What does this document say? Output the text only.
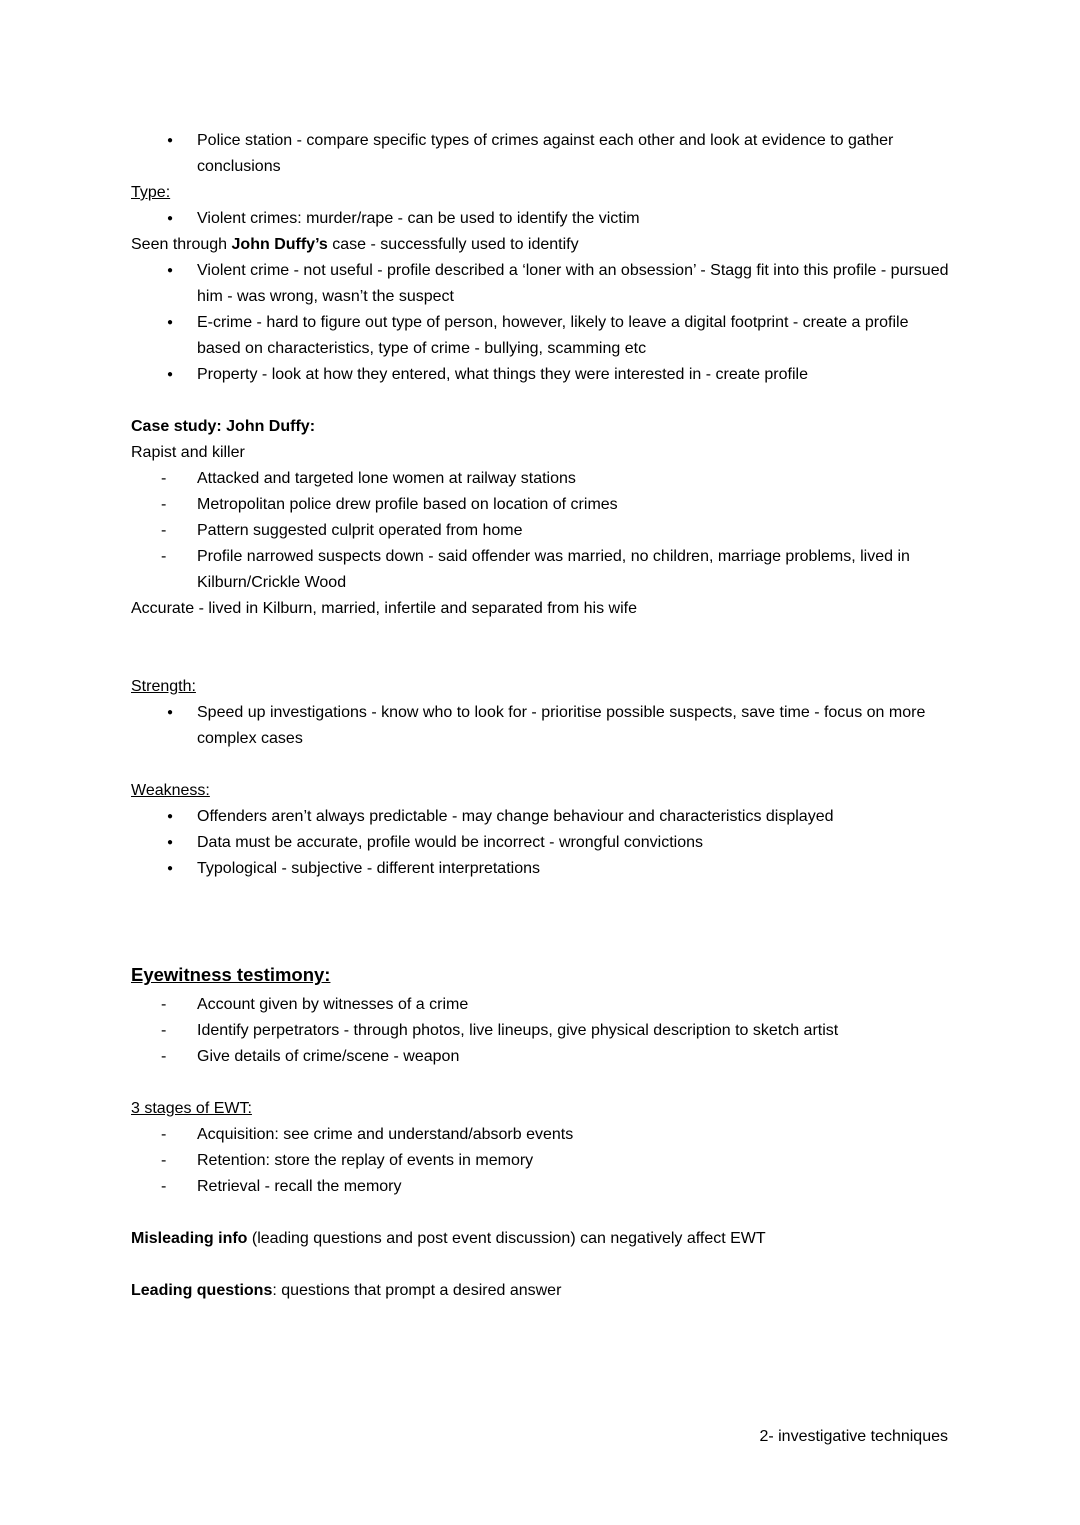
● Police station - compare specific types of crimes against each other and look at evidence to gather conclusions
Type:
● Violent crimes: murder/rape - can be used to identify the victim
Seen through John Duffy’s case - successfully used to identify
● Violent crime - not useful - profile described a ‘loner with an obsession’ - Stagg fit into this profile - pursued him - was wrong, wasn’t the suspect
● E-crime - hard to figure out type of person, however, likely to leave a digital footprint - create a profile based on characteristics, type of crime - bullying, scamming etc
● Property - look at how they entered, what things they were interested in - create profile
Case study: John Duffy:
Rapist and killer
- Attacked and targeted lone women at railway stations
- Metropolitan police drew profile based on location of crimes
- Pattern suggested culprit operated from home
- Profile narrowed suspects down - said offender was married, no children, marriage problems, lived in Kilburn/Crickle Wood
Accurate - lived in Kilburn, married, infertile and separated from his wife
Strength:
● Speed up investigations - know who to look for - prioritise possible suspects, save time - focus on more complex cases
Weakness:
● Offenders aren’t always predictable - may change behaviour and characteristics displayed
● Data must be accurate, profile would be incorrect - wrongful convictions
● Typological - subjective - different interpretations
Eyewitness testimony:
- Account given by witnesses of a crime
- Identify perpetrators - through photos, live lineups, give physical description to sketch artist
- Give details of crime/scene - weapon
3 stages of EWT:
- Acquisition: see crime and understand/absorb events
- Retention: store the replay of events in memory
- Retrieval - recall the memory
Misleading info (leading questions and post event discussion) can negatively affect EWT
Leading questions: questions that prompt a desired answer
2- investigative techniques
